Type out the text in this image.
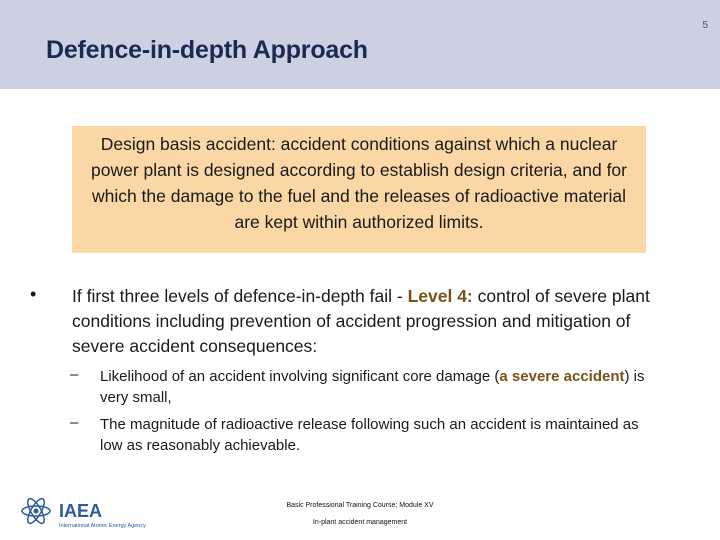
5
Defence-in-depth Approach
Design basis accident: accident conditions against which a nuclear power plant is designed according to establish design criteria, and for which the damage to the fuel and the releases of radioactive material are kept within authorized limits.
• If first three levels of defence-in-depth fail - Level 4: control of severe plant conditions including prevention of accident progression and mitigation of severe accident consequences:
– Likelihood of an accident involving significant core damage (a severe accident) is very small,
– The magnitude of radioactive release following such an accident is maintained as low as reasonably achievable.
IAEA
International Atomic Energy Agency
Basic Professional Training Course; Module XV
In-plant accident management
